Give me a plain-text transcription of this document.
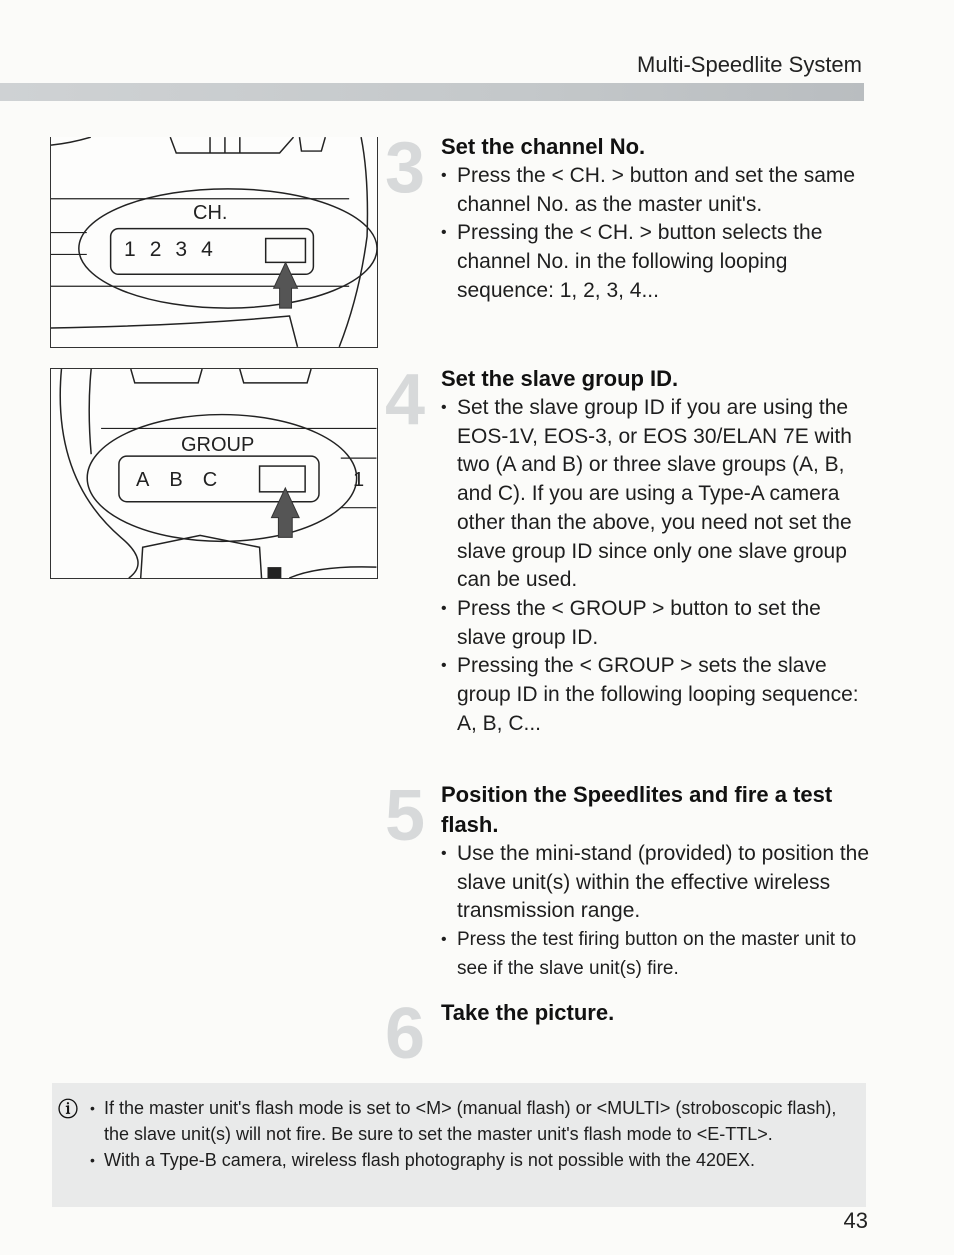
Multi-Speedlite System
CH.
1234
GROUP
ABC	1
3 Set the channel No.
• Press the < CH. > button and set the same channel No. as the master unit's.
• Pressing the < CH. > button selects the channel No. in the following looping sequence: 1, 2, 3, 4...
4 Set the slave group ID.
• Set the slave group ID if you are using the EOS-1V, EOS-3, or EOS 30/ELAN 7E with two (A and B) or three slave groups (A, B, and C). If you are using a Type-A camera other than the above, you need not set the slave group ID since only one slave group can be used.
• Press the < GROUP > button to set the slave group ID.
• Pressing the < GROUP > sets the slave group ID in the following looping sequence: A, B, C...
5 Position the Speedlites and fire a test flash.
• Use the mini-stand (provided) to position the slave unit(s) within the effective wireless transmission range.
• Press the test firing button on the master unit to see if the slave unit(s) fire.
6 Take the picture.
ⓘ
•	If the master unit's flash mode is set to <M> (manual flash) or <MULTI> (stroboscopic flash), the slave unit(s) will not fire. Be sure to set the master unit's flash mode to <E-TTL>.
• With a Type-B camera, wireless flash photography is not possible with the 420EX.
43
